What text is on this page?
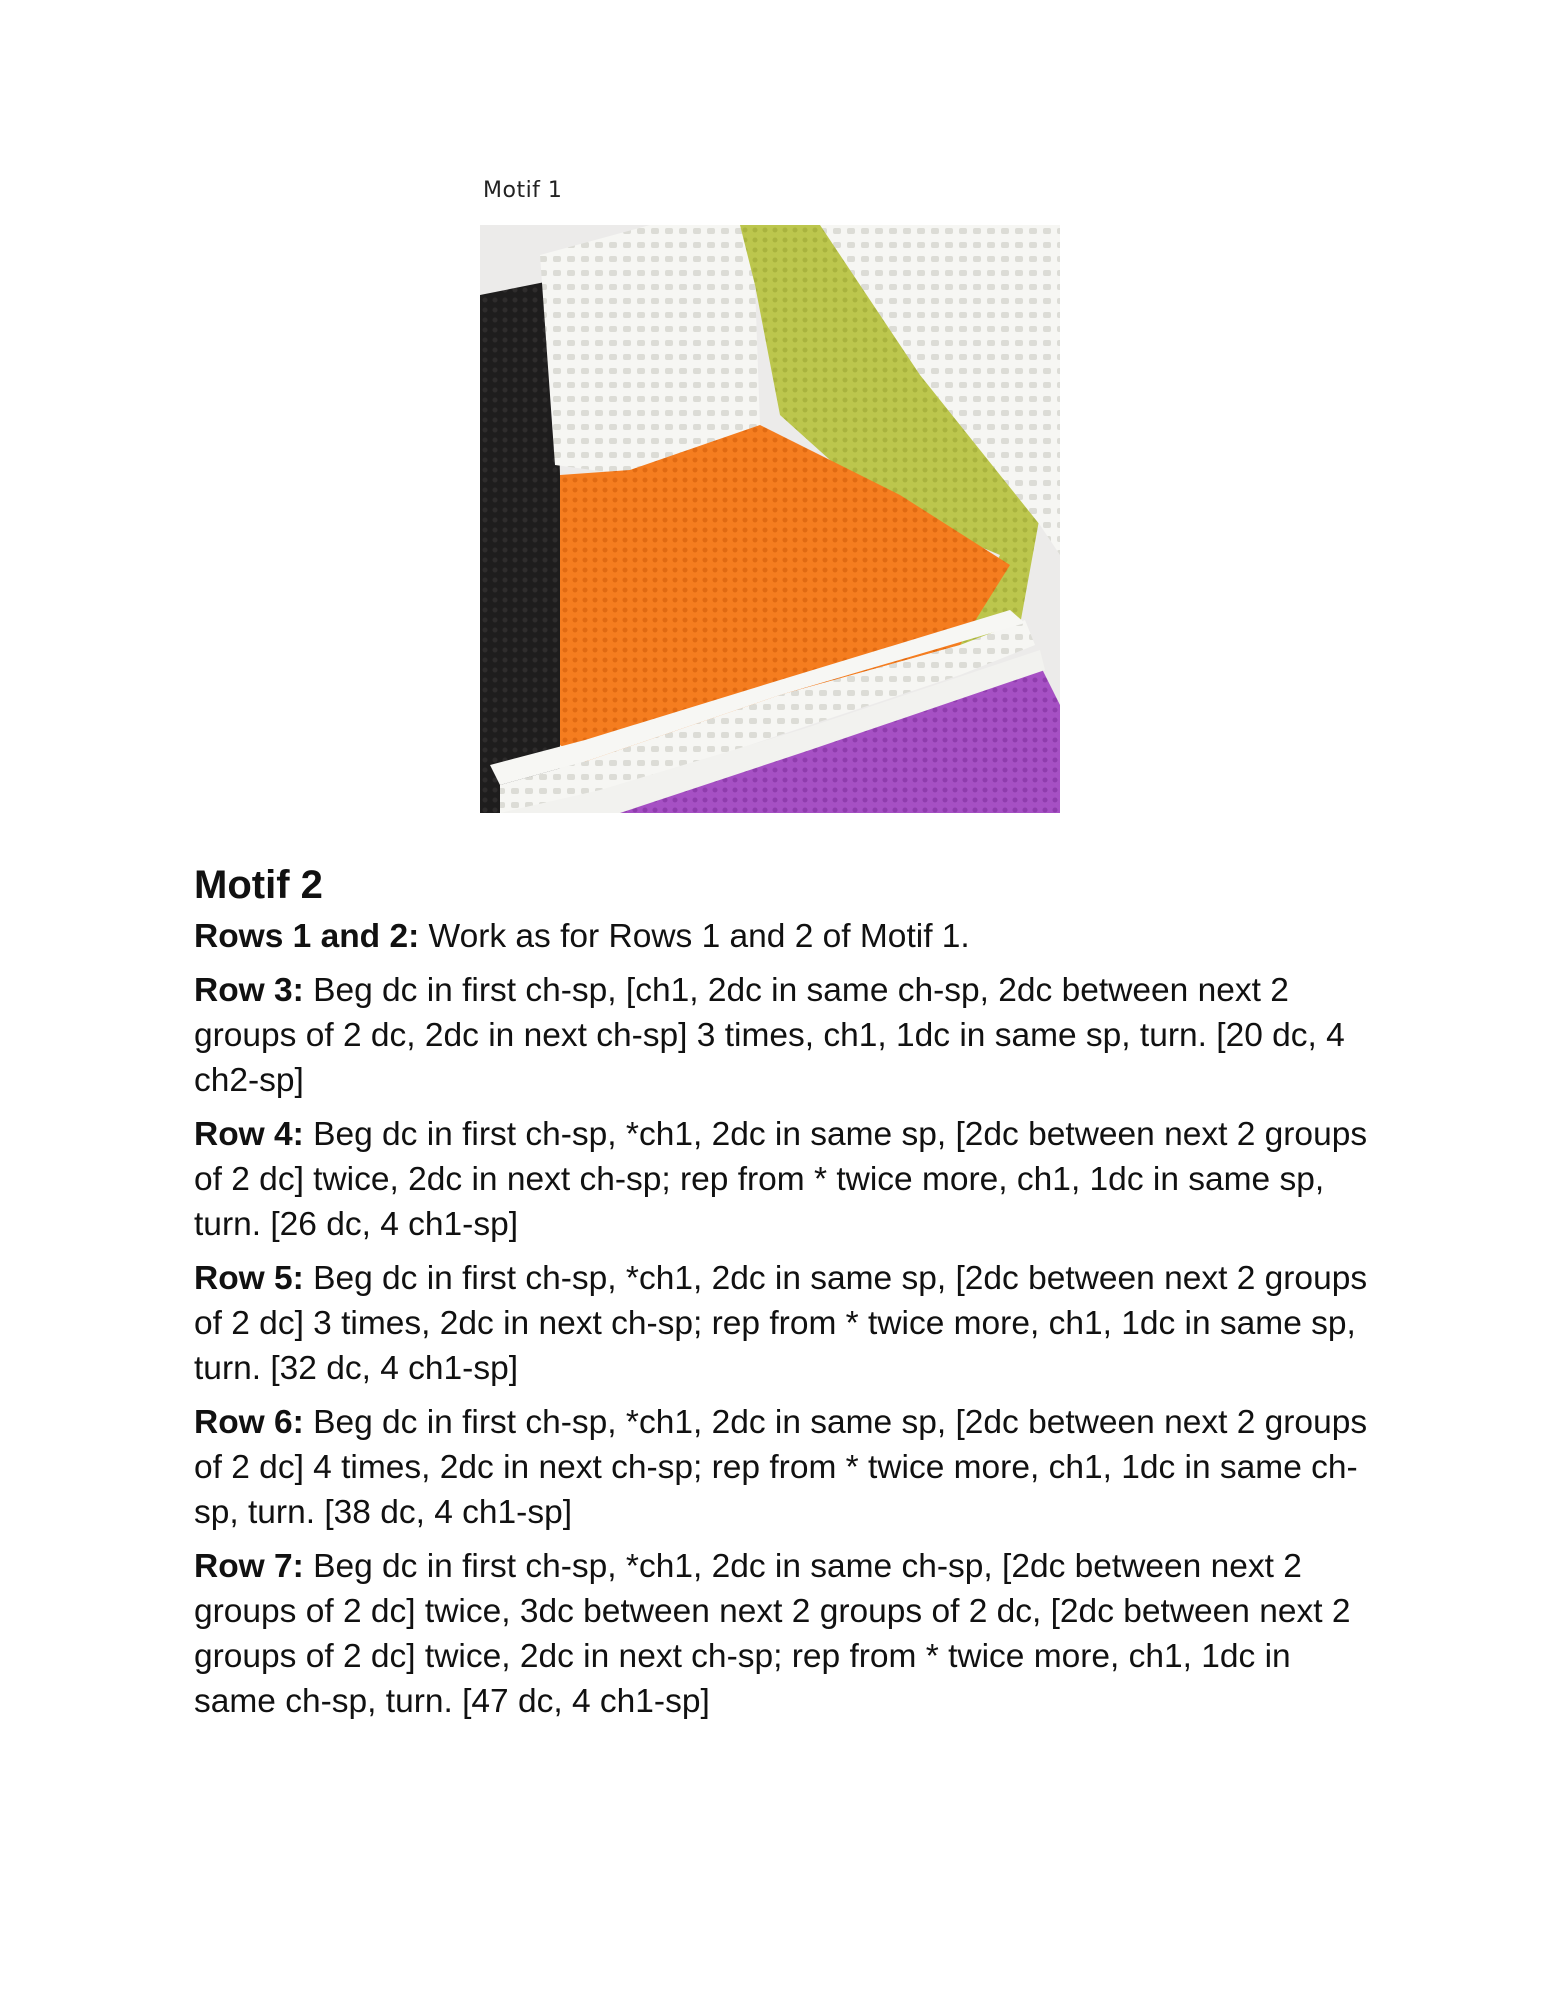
Motif 1
Motif 2

Rows 1 and 2: Work as for Rows 1 and 2 of Motif 1.

Row 3: Beg dc in first ch-sp, [ch1, 2dc in same ch-sp, 2dc between next 2 groups of 2 dc, 2dc in next ch-sp] 3 times, ch1, 1dc in same sp, turn. [20 dc, 4 ch2-sp]

Row 4: Beg dc in first ch-sp, *ch1, 2dc in same sp, [2dc between next 2 groups of 2 dc] twice, 2dc in next ch-sp; rep from * twice more, ch1, 1dc in same sp, turn. [26 dc, 4 ch1-sp]

Row 5: Beg dc in first ch-sp, *ch1, 2dc in same sp, [2dc between next 2 groups of 2 dc] 3 times, 2dc in next ch-sp; rep from * twice more, ch1, 1dc in same sp, turn. [32 dc, 4 ch1-sp]

Row 6: Beg dc in first ch-sp, *ch1, 2dc in same sp, [2dc between next 2 groups of 2 dc] 4 times, 2dc in next ch-sp; rep from * twice more, ch1, 1dc in same ch-sp, turn. [38 dc, 4 ch1-sp]

Row 7: Beg dc in first ch-sp, *ch1, 2dc in same ch-sp, [2dc between next 2 groups of 2 dc] twice, 3dc between next 2 groups of 2 dc, [2dc between next 2 groups of 2 dc] twice, 2dc in next ch-sp; rep from * twice more, ch1, 1dc in same ch-sp, turn. [47 dc, 4 ch1-sp]
